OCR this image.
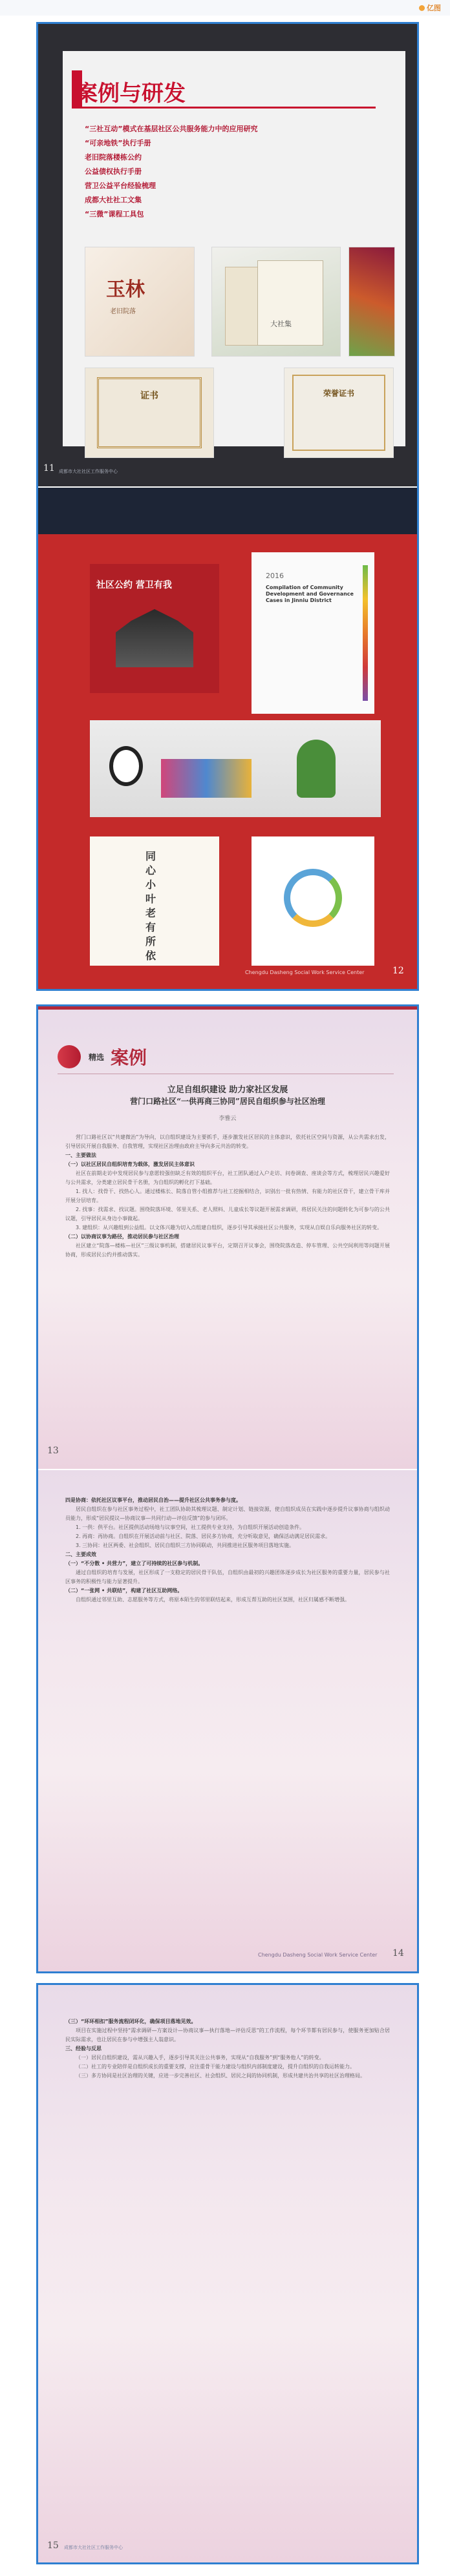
亿图
案例与研发
“三社互动”模式在基层社区公共服务能力中的应用研究
“可亲地铁”执行手册
老旧院落楼栋公约
公益债权执行手册
营卫公益平台经验梳理
成都大社社工文集
“三微”课程工具包
玉林
老旧院落
大社集
证书	荣誉证书
11 成都市大社社区工作服务中心
社区公约 营卫有我
2016
Compilation of Community Development and Governance Cases in Jinniu District
同 心 小 叶 老 有 所 依
Chengdu Dasheng Social Work Service Center	12
精选 案例
立足自组织建设 助力家社区发展
营门口路社区“一供再商三协同”居民自组织参与社区治理
李雅云

营门口路社区以“共建微治”为导向，以自组织建设为主要抓手，逐步激发社区居民的主体意识，依托社区空间与资源，从公共需求出发，引导居民开展自我服务、自我管理，实现社区治理由政府主导向多元共治的转变。

一、主要做法

（一）以社区居民自组织培育为载体，激发居民主体意识

社区在前期走访中发现居民参与意愿较强但缺乏有效的组织平台，社工团队通过入户走访、问卷调查、座谈会等方式，梳理居民兴趣爱好与公共需求，分类建立居民骨干名册，为自组织的孵化打下基础。

1. 找人：找骨干、找热心人。通过楼栋长、院落自管小组推荐与社工挖掘相结合，识别出一批有热情、有能力的社区骨干，建立骨干库并开展分层培育。

2. 找事：找需求、找议题。围绕院落环境、邻里关系、老人照料、儿童成长等议题开展需求调研，将居民关注的问题转化为可参与的公共议题，引导居民从身边小事做起。

3. 建组织：从兴趣组到公益组。以文体兴趣为切入点组建自组织，逐步引导其承接社区公共服务，实现从自娱自乐向服务社区的转变。

（二）以协商议事为路径，推动居民参与社区治理

社区建立“院落—楼栋—社区”三级议事机制，搭建居民议事平台，定期召开议事会，围绕院落改造、停车管理、公共空间利用等问题开展协商，形成居民公约并推动落实。

13

四是协商：依托社区议事平台，推动居民自治——提升社区公共事务参与度。

居民自组织在参与社区事务过程中，社工团队协助其梳理议题、制定计划、链接资源，使自组织成员在实践中逐步提升议事协商与组织动员能力，形成“居民提议—协商议事—共同行动—评估反馈”的参与闭环。

1. 一供：供平台。社区提供活动场地与议事空间，社工提供专业支持，为自组织开展活动创造条件。

2. 再商：再协商。自组织在开展活动前与社区、院落、居民多方协商，充分听取意见，确保活动满足居民需求。

3. 三协同：社区两委、社会组织、居民自组织三方协同联动，共同推进社区服务项目落地实施。

二、主要成效

（一）“不分散 • 共营力”，建立了可持续的社区参与机制。

通过自组织的培育与发展，社区形成了一支稳定的居民骨干队伍，自组织由最初的兴趣团体逐步成长为社区服务的重要力量，居民参与社区事务的积极性与能力显著提升。

（二）“一张网 • 共联结”，构建了社区互助网络。

自组织通过邻里互助、志愿服务等方式，将原本陌生的邻里联结起来，形成互帮互助的社区氛围，社区归属感不断增强。

Chengdu Dasheng Social Work Service Center 14

（三）“环环相扣”服务流程闭环化，确保项目落地见效。

项目在实施过程中坚持“需求调研—方案设计—协商议事—执行落地—评估反思”的工作流程，每个环节都有居民参与，使服务更加贴合居民实际需求，也让居民在参与中增强主人翁意识。

三、经验与反思

（一）居民自组织建设，需从兴趣入手，逐步引导其关注公共事务，实现从“自我服务”到“服务他人”的转变。

（二）社工的专业陪伴是自组织成长的重要支撑，应注重骨干能力建设与组织内部制度建设，提升自组织的自我运转能力。

（三）多方协同是社区治理的关键，应进一步完善社区、社会组织、居民之间的协同机制，形成共建共治共享的社区治理格局。

15 成都市大社社区工作服务中心
